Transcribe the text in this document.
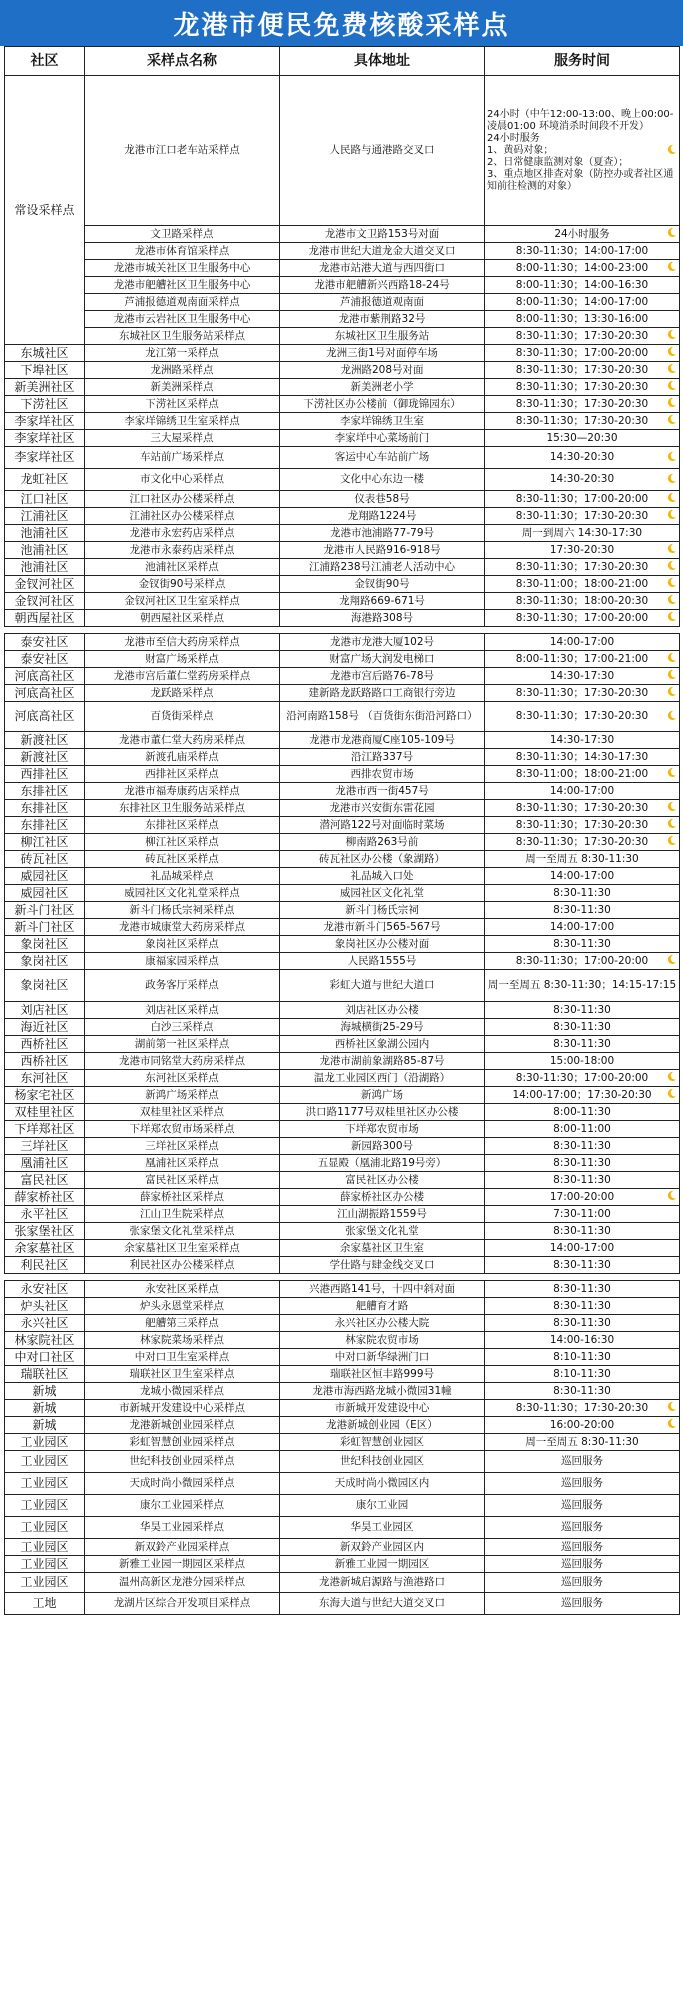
龙港市便民免费核酸采样点
社区	采样点名称	具体地址	服务时间
常设采样点	龙港市江口老车站采样点	人民路与通港路交叉口	24小时（中午12:00-13:00、晚上00:00-凌晨01:00 环境消杀时间段不开发）
24小时服务
1、黄码对象；
2、日常健康监测对象（夏查）；
3、重点地区排查对象（防控办或者社区通知前往检测的对象）

	文卫路采样点	龙港市文卫路153号对面	24小时服务

	龙港市体育馆采样点	龙港市世纪大道龙金大道交叉口	8:30-11:30；14:00-17:00
	龙港市城关社区卫生服务中心	龙港市站港大道与西四街口	8:00-11:30；14:00-23:00

	龙港市舥艚社区卫生服务中心	龙港市舥艚新兴西路18-24号	8:00-11:30；14:00-16:30
	芦浦报德道观南面采样点	芦浦报德道观南面	8:00-11:30；14:00-17:00
	龙港市云岩社区卫生服务中心	龙港市紫荆路32号	8:00-11:30；13:30-16:00
	东城社区卫生服务站采样点	东城社区卫生服务站	8:30-11:30；17:30-20:30

东城社区	龙江第一采样点	龙洲三街1号对面停车场	8:30-11:30；17:00-20:00

下埠社区	龙洲路采样点	龙洲路208号对面	8:30-11:30；17:30-20:30

新美洲社区	新美洲采样点	新美洲老小学	8:30-11:30；17:30-20:30

下涝社区	下涝社区采样点	下涝社区办公楼前（御珑锦园东）	8:30-11:30；17:30-20:30

李家垟社区	李家垟锦绣卫生室采样点	李家垟锦绣卫生室	8:30-11:30；17:30-20:30

李家垟社区	三大屋采样点	李家垟中心菜场前门	15:30—20:30
李家垟社区	车站前广场采样点	客运中心车站前广场	14:30-20:30

龙虹社区	市文化中心采样点	文化中心东边一楼	14:30-20:30

江口社区	江口社区办公楼采样点	仪表巷58号	8:30-11:30；17:00-20:00

江浦社区	江浦社区办公楼采样点	龙翔路1224号	8:30-11:30；17:30-20:30

池浦社区	龙港市永宏药店采样点	龙港市池浦路77-79号	周一到周六 14:30-17:30
池浦社区	龙港市永泰药店采样点	龙港市人民路916-918号	17:30-20:30

池浦社区	池浦社区采样点	江浦路238号江浦老人活动中心	8:30-11:30；17:30-20:30

金钗河社区	金钗街90号采样点	金钗街90号	8:30-11:00；18:00-21:00

金钗河社区	金钗河社区卫生室采样点	龙翔路669-671号	8:30-11:30；18:00-20:30

朝西屋社区	朝西屋社区采样点	海港路308号	8:30-11:30；17:00-20:00

泰安社区	龙港市至信大药房采样点	龙港市龙港大厦102号	14:00-17:00
泰安社区	财富广场采样点	财富广场大润发电梯口	8:00-11:30；17:00-21:00

河底高社区	龙港市宫后董仁堂药房采样点	龙港市宫后路76-78号	14:30-17:30

河底高社区	龙跃路采样点	建新路龙跃路路口工商银行旁边	8:30-11:30；17:30-20:30

河底高社区	百货街采样点	沿河南路158号 （百货街东街沿河路口）	8:30-11:30；17:30-20:30

新渡社区	龙港市董仁堂大药房采样点	龙港市龙港商厦C座105-109号	14:30-17:30
新渡社区	新渡孔庙采样点	沿江路337号	8:30-11:30；14:30-17:30
西排社区	西排社区采样点	西排农贸市场	8:30-11:00；18:00-21:00

东排社区	龙港市福寿康药店采样点	龙港市西一街457号	14:00-17:00
东排社区	东排社区卫生服务站采样点	龙港市兴安街东雷花园	8:30-11:30；17:30-20:30

东排社区	东排社区采样点	潜河路122号对面临时菜场	8:30-11:30；17:30-20:30

柳江社区	柳江社区采样点	柳南路263号前	8:30-11:30；17:30-20:30

砖瓦社区	砖瓦社区采样点	砖瓦社区办公楼（象湖路）	周一至周五 8:30-11:30
威园社区	礼品城采样点	礼品城入口处	14:00-17:00
威园社区	威园社区文化礼堂采样点	威园社区文化礼堂	8:30-11:30
新斗门社区	新斗门杨氏宗祠采样点	新斗门杨氏宗祠	8:30-11:30
新斗门社区	龙港市城康堂大药房采样点	龙港市新斗门565-567号	14:00-17:00
象岗社区	象岗社区采样点	象岗社区办公楼对面	8:30-11:30
象岗社区	康福家园采样点	人民路1555号	8:30-11:30；17:00-20:00

象岗社区	政务客厅采样点	彩虹大道与世纪大道口	周一至周五 8:30-11:30；14:15-17:15
刘店社区	刘店社区采样点	刘店社区办公楼	8:30-11:30
海近社区	白沙三采样点	海城横街25-29号	8:30-11:30
西桥社区	湖前第一社区采样点	西桥社区象湖公园内	8:30-11:30
西桥社区	龙港市同铭堂大药房采样点	龙港市湖前象湖路85-87号	15:00-18:00
东河社区	东河社区采样点	温龙工业园区西门（沿湖路）	8:30-11:30；17:00-20:00

杨家宅社区	新鸿广场采样点	新鸿广场	14:00-17:00；17:30-20:30

双桂里社区	双桂里社区采样点	洪口路1177号双桂里社区办公楼	8:00-11:30
下垟郑社区	下垟郑农贸市场采样点	下垟郑农贸市场	8:00-11:00
三垟社区	三垟社区采样点	新园路300号	8:30-11:30
凰浦社区	凰浦社区采样点	五显殿（凰浦北路19号旁）	8:30-11:30
富民社区	富民社区采样点	富民社区办公楼	8:30-11:30
薛家桥社区	薛家桥社区采样点	薛家桥社区办公楼	17:00-20:00

永平社区	江山卫生院采样点	江山湖振路1559号	7:30-11:00
张家堡社区	张家堡文化礼堂采样点	张家堡文化礼堂	8:30-11:30
余家墓社区	余家墓社区卫生室采样点	余家墓社区卫生室	14:00-17:00
利民社区	利民社区办公楼采样点	学仕路与肆金线交叉口	8:30-11:30

永安社区	永安社区采样点	兴港西路141号，十四中斜对面	8:30-11:30
炉头社区	炉头永恩堂采样点	舥艚育才路	8:30-11:30
永兴社区	舥艚第三采样点	永兴社区办公楼大院	8:30-11:30
林家院社区	林家院菜场采样点	林家院农贸市场	14:00-16:30
中对口社区	中对口卫生室采样点	中对口新华绿洲门口	8:10-11:30
瑞联社区	瑞联社区卫生室采样点	瑞联社区恒丰路999号	8:10-11:30
新城	龙城小微园采样点	龙港市海西路龙城小微园31幢	8:30-11:30
新城	市新城开发建设中心采样点	市新城开发建设中心	8:30-11:30；17:30-20:30

新城	龙港新城创业园采样点	龙港新城创业园（E区）	16:00-20:00

工业园区	彩虹智慧创业园采样点	彩虹智慧创业园区	周一至周五 8:30-11:30
工业园区	世纪科技创业园采样点	世纪科技创业园区	巡回服务
工业园区	天成时尚小微园采样点	天成时尚小微园区内	巡回服务
工业园区	康尔工业园采样点	康尔工业园	巡回服务
工业园区	华昊工业园采样点	华昊工业园区	巡回服务
工业园区	新双鈴产业园采样点	新双鈴产业园区内	巡回服务
工业园区	新雅工业园一期园区采样点	新雅工业园一期园区	巡回服务
工业园区	温州高新区龙港分园采样点	龙港新城启源路与渔港路口	巡回服务
工地	龙湖片区综合开发项目采样点	东海大道与世纪大道交叉口	巡回服务
